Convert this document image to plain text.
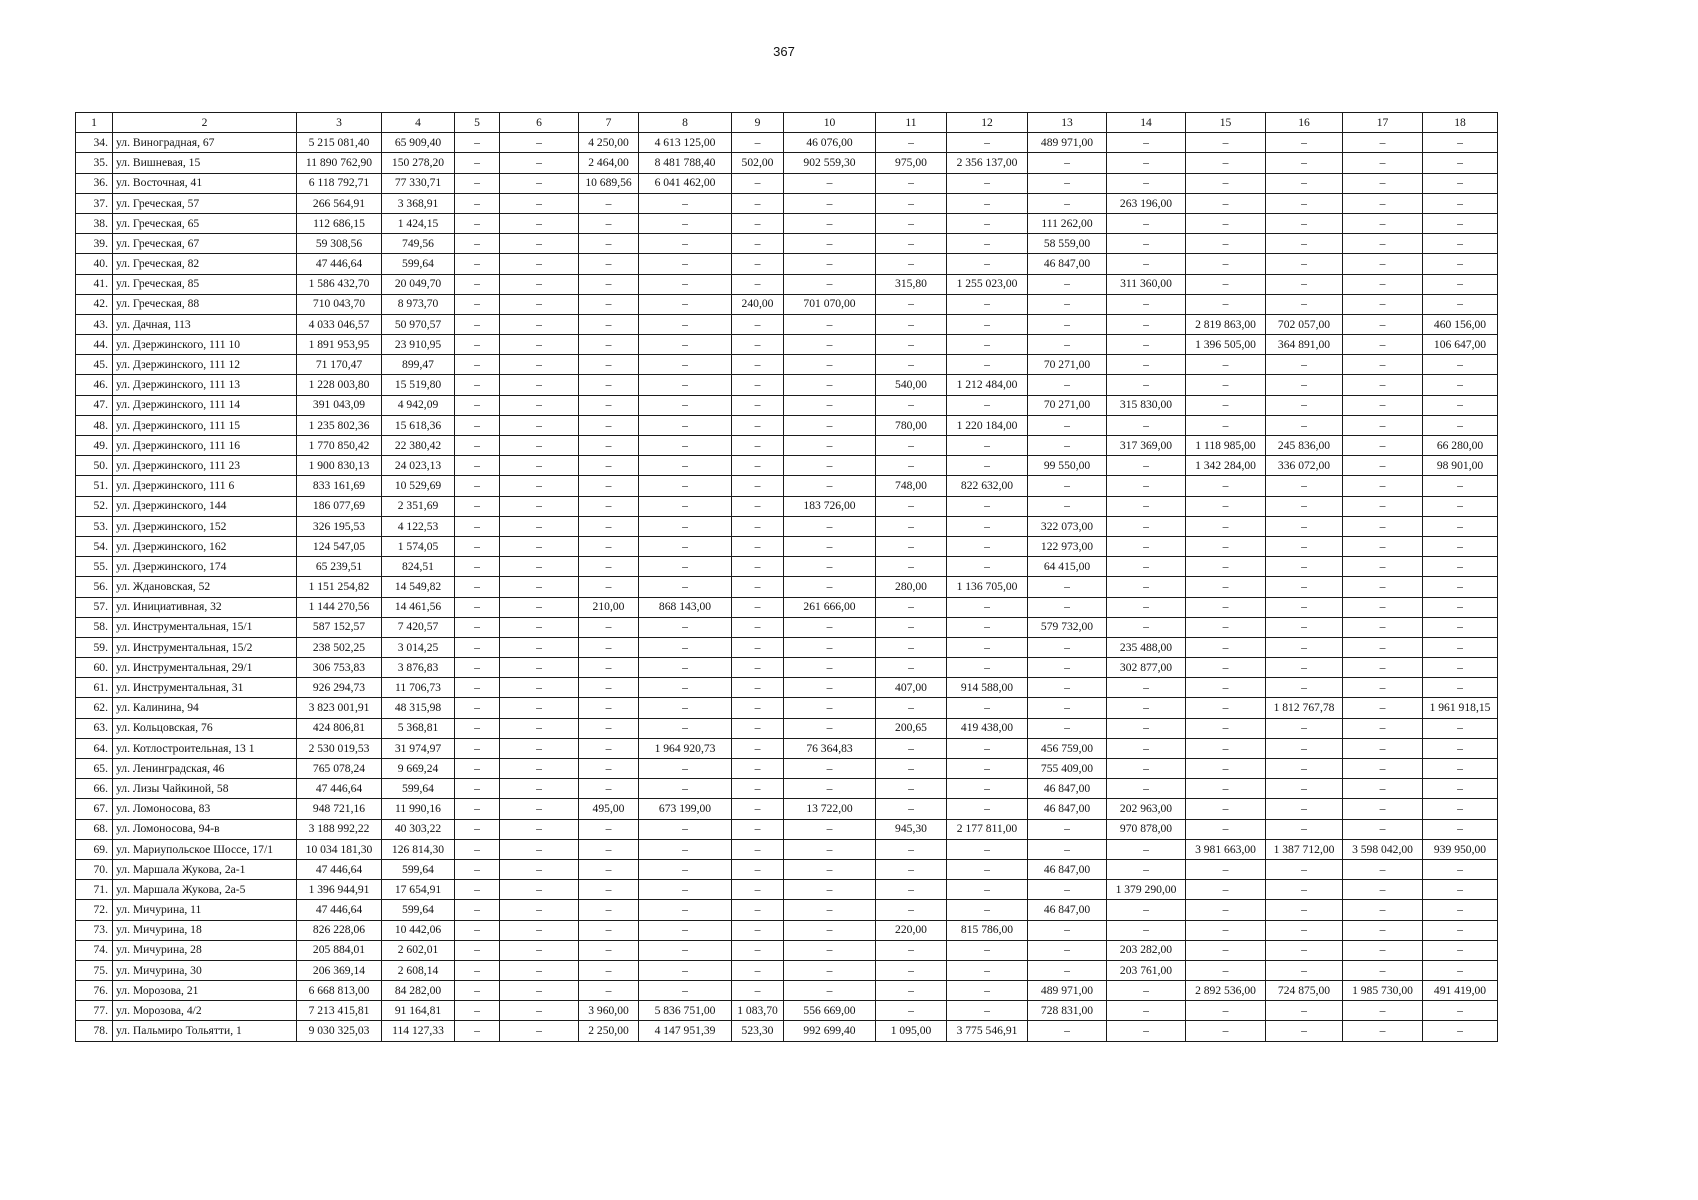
367
1	2	3	4	5	6	7	8	9	10	11	12	13	14	15	16	17	18
34.	ул. Виноградная, 67	5 215 081,40	65 909,40	–	–	4 250,00	4 613 125,00	–	46 076,00	–	–	489 971,00	–	–	–	–	–
35.	ул. Вишневая, 15	11 890 762,90	150 278,20	–	–	2 464,00	8 481 788,40	502,00	902 559,30	975,00	2 356 137,00	–	–	–	–	–	–
36.	ул. Восточная, 41	6 118 792,71	77 330,71	–	–	10 689,56	6 041 462,00	–	–	–	–	–	–	–	–	–	–
37.	ул. Греческая, 57	266 564,91	3 368,91	–	–	–	–	–	–	–	–	–	263 196,00	–	–	–	–
38.	ул. Греческая, 65	112 686,15	1 424,15	–	–	–	–	–	–	–	–	111 262,00	–	–	–	–	–
39.	ул. Греческая, 67	59 308,56	749,56	–	–	–	–	–	–	–	–	58 559,00	–	–	–	–	–
40.	ул. Греческая, 82	47 446,64	599,64	–	–	–	–	–	–	–	–	46 847,00	–	–	–	–	–
41.	ул. Греческая, 85	1 586 432,70	20 049,70	–	–	–	–	–	–	315,80	1 255 023,00	–	311 360,00	–	–	–	–
42.	ул. Греческая, 88	710 043,70	8 973,70	–	–	–	–	240,00	701 070,00	–	–	–	–	–	–	–	–
43.	ул. Дачная, 113	4 033 046,57	50 970,57	–	–	–	–	–	–	–	–	–	–	2 819 863,00	702 057,00	–	460 156,00
44.	ул. Дзержинского, 111 10	1 891 953,95	23 910,95	–	–	–	–	–	–	–	–	–	–	1 396 505,00	364 891,00	–	106 647,00
45.	ул. Дзержинского, 111 12	71 170,47	899,47	–	–	–	–	–	–	–	–	70 271,00	–	–	–	–	–
46.	ул. Дзержинского, 111 13	1 228 003,80	15 519,80	–	–	–	–	–	–	540,00	1 212 484,00	–	–	–	–	–	–
47.	ул. Дзержинского, 111 14	391 043,09	4 942,09	–	–	–	–	–	–	–	–	70 271,00	315 830,00	–	–	–	–
48.	ул. Дзержинского, 111 15	1 235 802,36	15 618,36	–	–	–	–	–	–	780,00	1 220 184,00	–	–	–	–	–	–
49.	ул. Дзержинского, 111 16	1 770 850,42	22 380,42	–	–	–	–	–	–	–	–	–	317 369,00	1 118 985,00	245 836,00	–	66 280,00
50.	ул. Дзержинского, 111 23	1 900 830,13	24 023,13	–	–	–	–	–	–	–	–	99 550,00	–	1 342 284,00	336 072,00	–	98 901,00
51.	ул. Дзержинского, 111 6	833 161,69	10 529,69	–	–	–	–	–	–	748,00	822 632,00	–	–	–	–	–	–
52.	ул. Дзержинского, 144	186 077,69	2 351,69	–	–	–	–	–	183 726,00	–	–	–	–	–	–	–	–
53.	ул. Дзержинского, 152	326 195,53	4 122,53	–	–	–	–	–	–	–	–	322 073,00	–	–	–	–	–
54.	ул. Дзержинского, 162	124 547,05	1 574,05	–	–	–	–	–	–	–	–	122 973,00	–	–	–	–	–
55.	ул. Дзержинского, 174	65 239,51	824,51	–	–	–	–	–	–	–	–	64 415,00	–	–	–	–	–
56.	ул. Ждановская, 52	1 151 254,82	14 549,82	–	–	–	–	–	–	280,00	1 136 705,00	–	–	–	–	–	–
57.	ул. Инициативная, 32	1 144 270,56	14 461,56	–	–	210,00	868 143,00	–	261 666,00	–	–	–	–	–	–	–	–
58.	ул. Инструментальная, 15/1	587 152,57	7 420,57	–	–	–	–	–	–	–	–	579 732,00	–	–	–	–	–
59.	ул. Инструментальная, 15/2	238 502,25	3 014,25	–	–	–	–	–	–	–	–	–	235 488,00	–	–	–	–
60.	ул. Инструментальная, 29/1	306 753,83	3 876,83	–	–	–	–	–	–	–	–	–	302 877,00	–	–	–	–
61.	ул. Инструментальная, 31	926 294,73	11 706,73	–	–	–	–	–	–	407,00	914 588,00	–	–	–	–	–	–
62.	ул. Калинина, 94	3 823 001,91	48 315,98	–	–	–	–	–	–	–	–	–	–	–	1 812 767,78	–	1 961 918,15
63.	ул. Кольцовская, 76	424 806,81	5 368,81	–	–	–	–	–	–	200,65	419 438,00	–	–	–	–	–	–
64.	ул. Котлостроительная, 13 1	2 530 019,53	31 974,97	–	–	–	1 964 920,73	–	76 364,83	–	–	456 759,00	–	–	–	–	–
65.	ул. Ленинградская, 46	765 078,24	9 669,24	–	–	–	–	–	–	–	–	755 409,00	–	–	–	–	–
66.	ул. Лизы Чайкиной, 58	47 446,64	599,64	–	–	–	–	–	–	–	–	46 847,00	–	–	–	–	–
67.	ул. Ломоносова, 83	948 721,16	11 990,16	–	–	495,00	673 199,00	–	13 722,00	–	–	46 847,00	202 963,00	–	–	–	–
68.	ул. Ломоносова, 94-в	3 188 992,22	40 303,22	–	–	–	–	–	–	945,30	2 177 811,00	–	970 878,00	–	–	–	–
69.	ул. Мариупольское Шоссе, 17/1	10 034 181,30	126 814,30	–	–	–	–	–	–	–	–	–	–	3 981 663,00	1 387 712,00	3 598 042,00	939 950,00
70.	ул. Маршала Жукова, 2а-1	47 446,64	599,64	–	–	–	–	–	–	–	–	46 847,00	–	–	–	–	–
71.	ул. Маршала Жукова, 2а-5	1 396 944,91	17 654,91	–	–	–	–	–	–	–	–	–	1 379 290,00	–	–	–	–
72.	ул. Мичурина, 11	47 446,64	599,64	–	–	–	–	–	–	–	–	46 847,00	–	–	–	–	–
73.	ул. Мичурина, 18	826 228,06	10 442,06	–	–	–	–	–	–	220,00	815 786,00	–	–	–	–	–	–
74.	ул. Мичурина, 28	205 884,01	2 602,01	–	–	–	–	–	–	–	–	–	203 282,00	–	–	–	–
75.	ул. Мичурина, 30	206 369,14	2 608,14	–	–	–	–	–	–	–	–	–	203 761,00	–	–	–	–
76.	ул. Морозова, 21	6 668 813,00	84 282,00	–	–	–	–	–	–	–	–	489 971,00	–	2 892 536,00	724 875,00	1 985 730,00	491 419,00
77.	ул. Морозова, 4/2	7 213 415,81	91 164,81	–	–	3 960,00	5 836 751,00	1 083,70	556 669,00	–	–	728 831,00	–	–	–	–	–
78.	ул. Пальмиро Тольятти, 1	9 030 325,03	114 127,33	–	–	2 250,00	4 147 951,39	523,30	992 699,40	1 095,00	3 775 546,91	–	–	–	–	–	–
